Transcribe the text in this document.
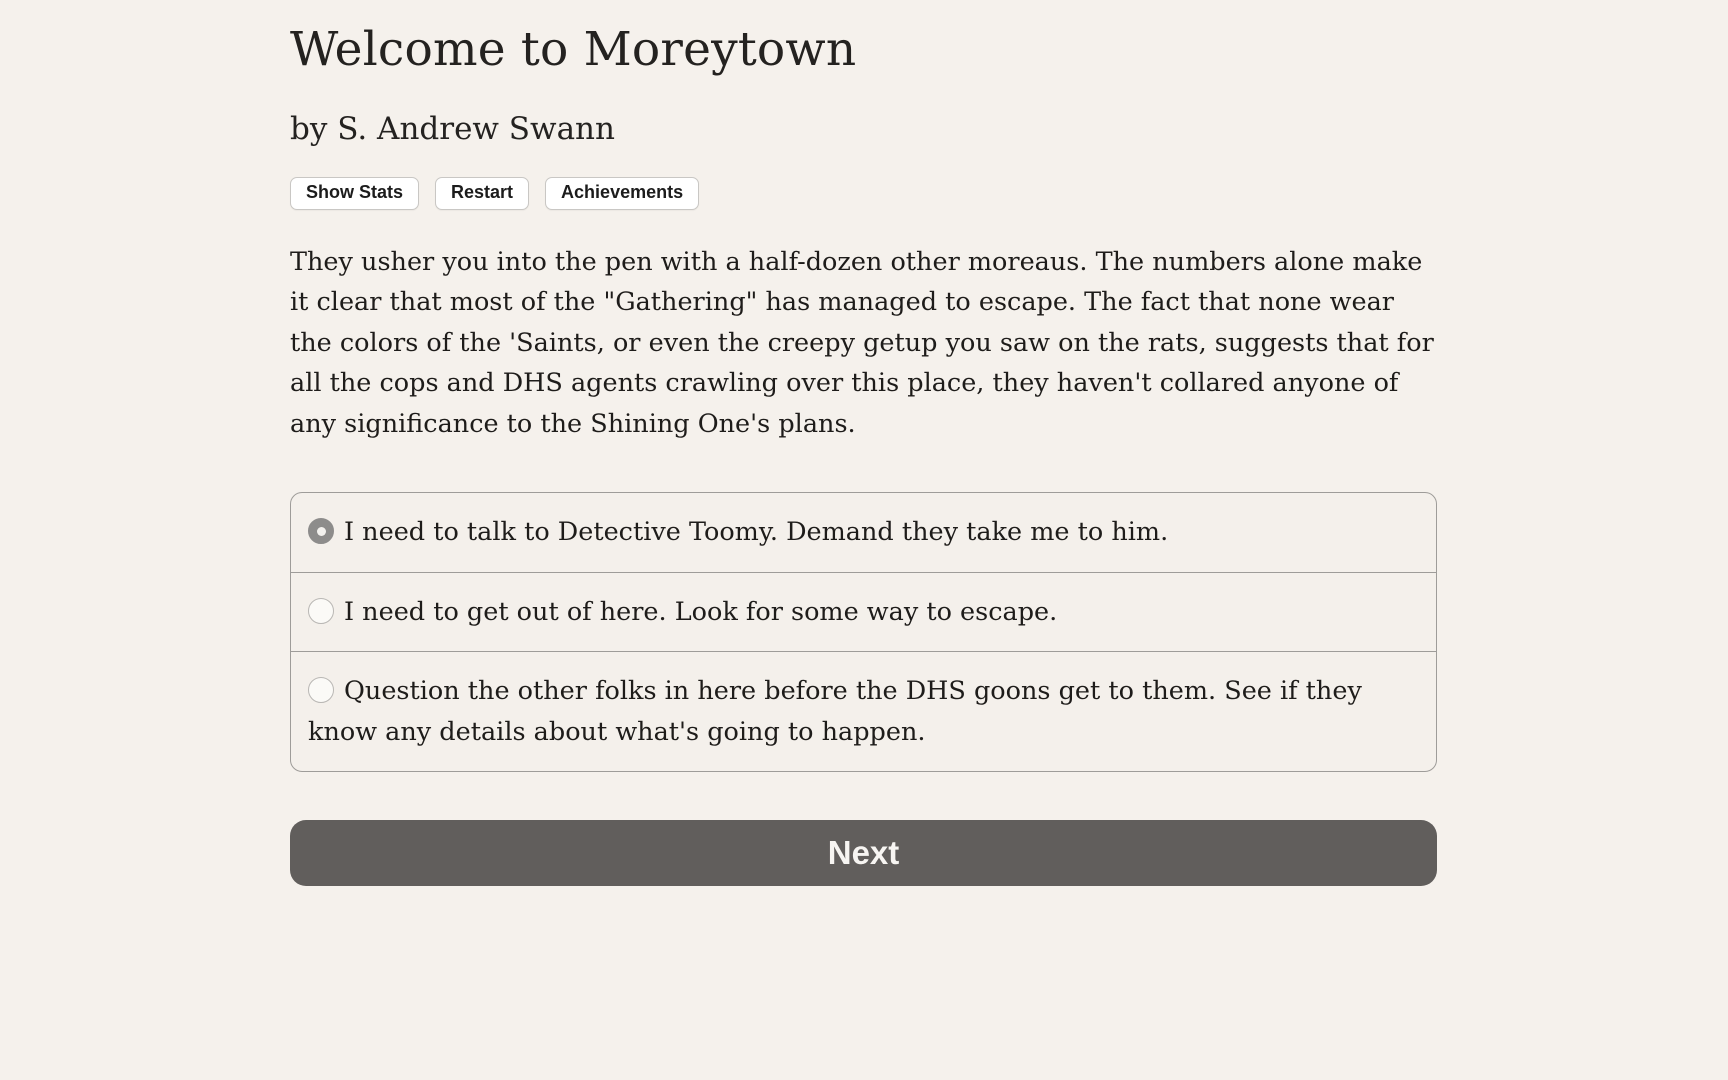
Welcome to Moreytown
by S. Andrew Swann
Show Stats	Restart	Achievements

They usher you into the pen with a half-dozen other moreaus. The numbers alone make it clear that most of the "Gathering" has managed to escape. The fact that none wear the colors of the 'Saints, or even the creepy getup you saw on the rats, suggests that for all the cops and DHS agents crawling over this place, they haven't collared anyone of any significance to the Shining One's plans.

I need to talk to Detective Toomy. Demand they take me to him.
I need to get out of here. Look for some way to escape.
Question the other folks in here before the DHS goons get to them. See if they know any details about what's going to happen.
Next
